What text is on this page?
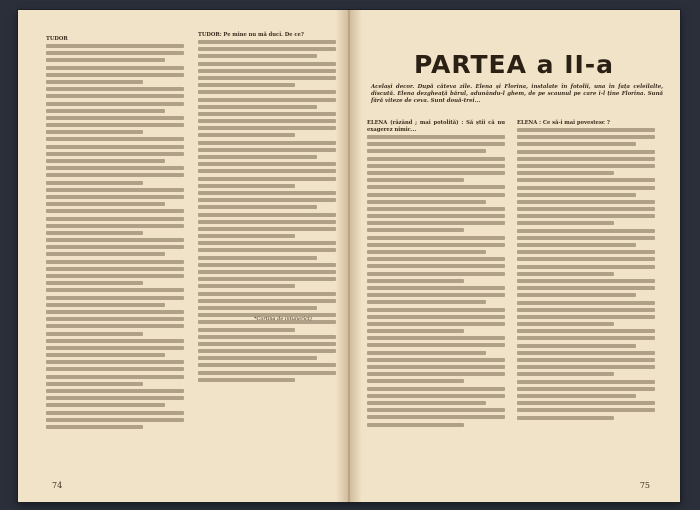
TUDOR
TUDOR: Pe mine nu mă duci. De ce?
*Cortina de intunerict)
74
PARTEA a II-a
Același decor. După câteva zile. Elena și Florina, instalate în fotolii, una în fața celeilalte, discută. Elena dezgheață bărul, adunându-l ghem, de pe scaunul pe care i-l ține Florina. Sună fără viteze de ceva. Sunt două-trei...
ELENA (râzând ; mai potolită) : Să știi că nu exagerez nimic...
ELENA : Ce să-i mai povestesc ?
75
